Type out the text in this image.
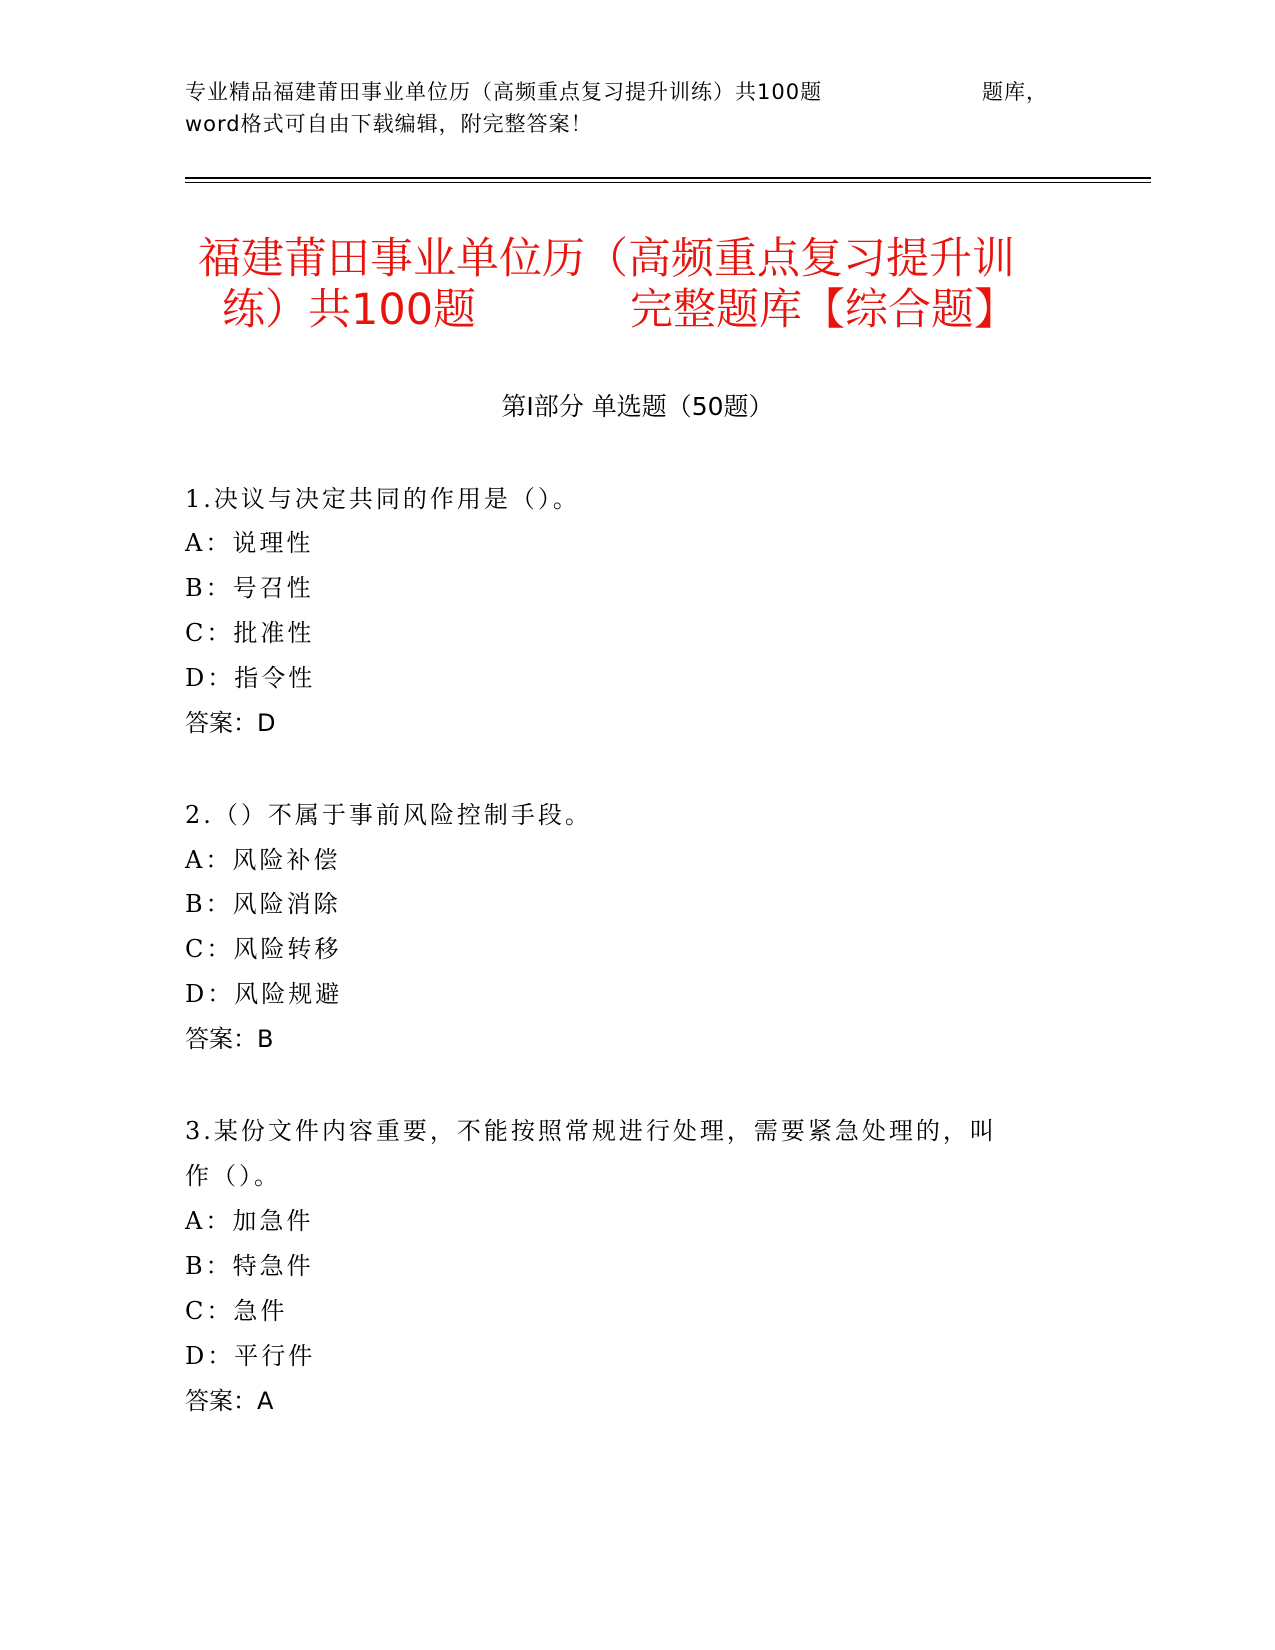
专业精品福建莆田事业单位历（高频重点复习提升训练）共100题	题库，
word格式可自由下载编辑，附完整答案！
福建莆田事业单位历（高频重点复习提升训
练）共100题	完整题库【综合题】
第Ⅰ部分 单选题（50题）
1.决议与决定共同的作用是（）。
A：说理性
B：号召性
C：批准性
D：指令性
答案：D
2.（）不属于事前风险控制手段。
A：风险补偿
B：风险消除
C：风险转移
D：风险规避
答案：B
3.某份文件内容重要，不能按照常规进行处理，需要紧急处理的，叫
作（）。
A：加急件
B：特急件
C：急件
D：平行件
答案：A
